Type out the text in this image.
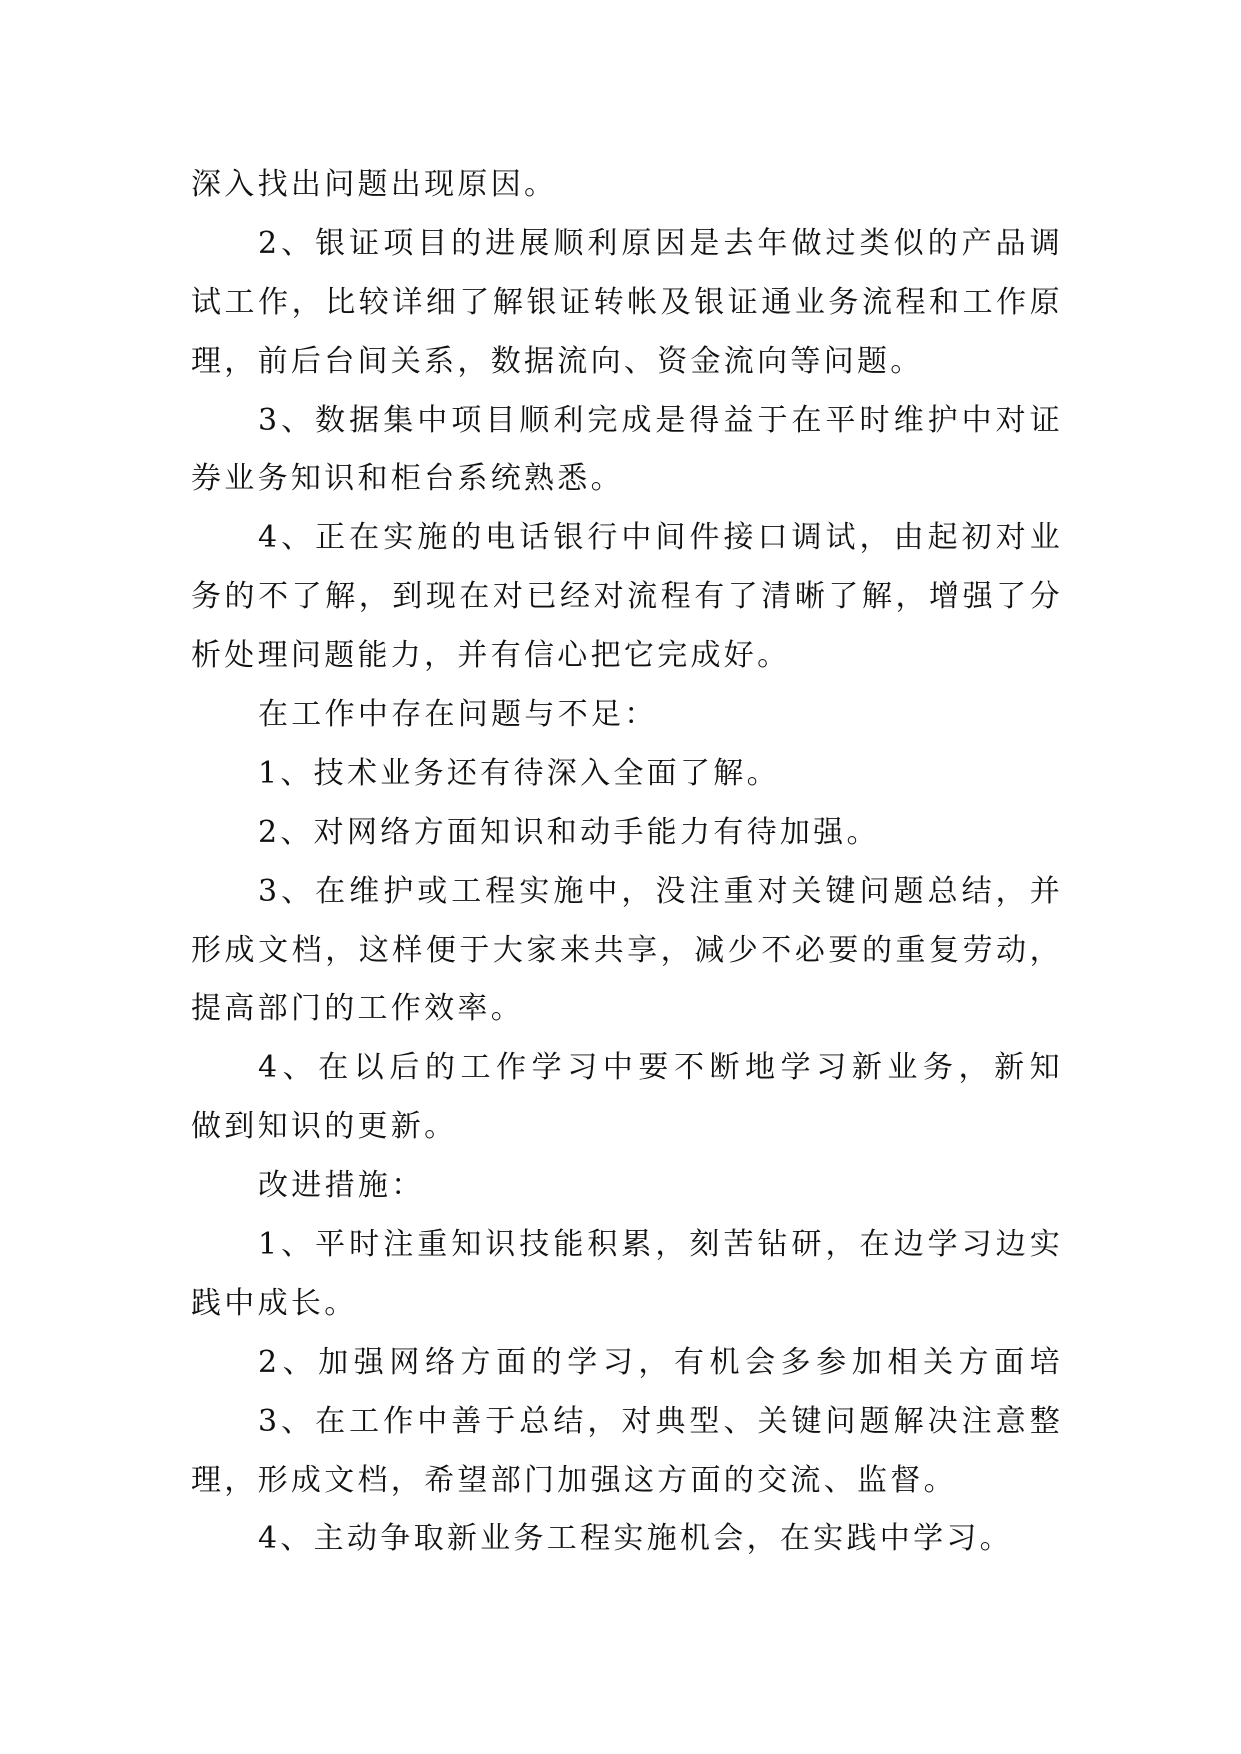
深入找出问题出现原因。
2、银证项目的进展顺利原因是去年做过类似的产品调
试工作，比较详细了解银证转帐及银证通业务流程和工作原
理，前后台间关系，数据流向、资金流向等问题。
3、数据集中项目顺利完成是得益于在平时维护中对证
券业务知识和柜台系统熟悉。
4、正在实施的电话银行中间件接口调试，由起初对业
务的不了解，到现在对已经对流程有了清晰了解，增强了分
析处理问题能力，并有信心把它完成好。
在工作中存在问题与不足：
1、技术业务还有待深入全面了解。
2、对网络方面知识和动手能力有待加强。
3、在维护或工程实施中，没注重对关键问题总结，并
形成文档，这样便于大家来共享，减少不必要的重复劳动，
提高部门的工作效率。
4、在以后的工作学习中要不断地学习新业务，新知
做到知识的更新。
改进措施：
1、平时注重知识技能积累，刻苦钻研，在边学习边实
践中成长。
2、加强网络方面的学习，有机会多参加相关方面培
3、在工作中善于总结，对典型、关键问题解决注意整
理，形成文档，希望部门加强这方面的交流、监督。
4、主动争取新业务工程实施机会，在实践中学习。
